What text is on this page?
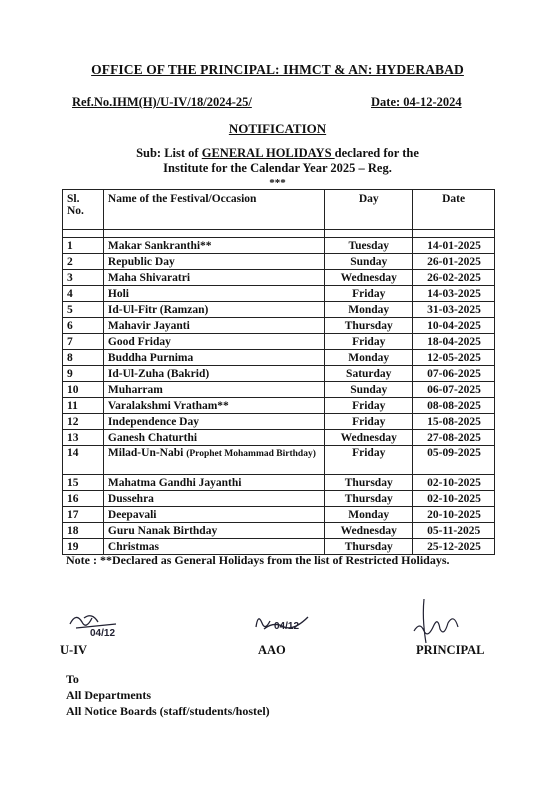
OFFICE OF THE PRINCIPAL: IHMCT & AN: HYDERABAD
Ref.No.IHM(H)/U-IV/18/2024-25/	Date: 04-12-2024
NOTIFICATION
Sub: List of GENERAL HOLIDAYS declared for the
Institute for the Calendar Year 2025 – Reg.
***
Sl. No.	Name of the Festival/Occasion	Day	Date

1	Makar Sankranthi**	Tuesday	14-01-2025
2	Republic Day	Sunday	26-01-2025
3	Maha Shivaratri	Wednesday	26-02-2025
4	Holi	Friday	14-03-2025
5	Id-Ul-Fitr (Ramzan)	Monday	31-03-2025
6	Mahavir Jayanti	Thursday	10-04-2025
7	Good Friday	Friday	18-04-2025
8	Buddha Purnima	Monday	12-05-2025
9	Id-Ul-Zuha (Bakrid)	Saturday	07-06-2025
10	Muharram	Sunday	06-07-2025
11	Varalakshmi Vratham**	Friday	08-08-2025
12	Independence Day	Friday	15-08-2025
13	Ganesh Chaturthi	Wednesday	27-08-2025
14	Milad-Un-Nabi (Prophet Mohammad Birthday)	Friday	05-09-2025
15	Mahatma Gandhi Jayanthi	Thursday	02-10-2025
16	Dussehra	Thursday	02-10-2025
17	Deepavali	Monday	20-10-2025
18	Guru Nanak Birthday	Wednesday	05-11-2025
19	Christmas	Thursday	25-12-2025
Note : **Declared as General Holidays from the list of Restricted Holidays.
04/12
04/12
U-IV	AAO	PRINCIPAL
To
All Departments
All Notice Boards (staff/students/hostel)
